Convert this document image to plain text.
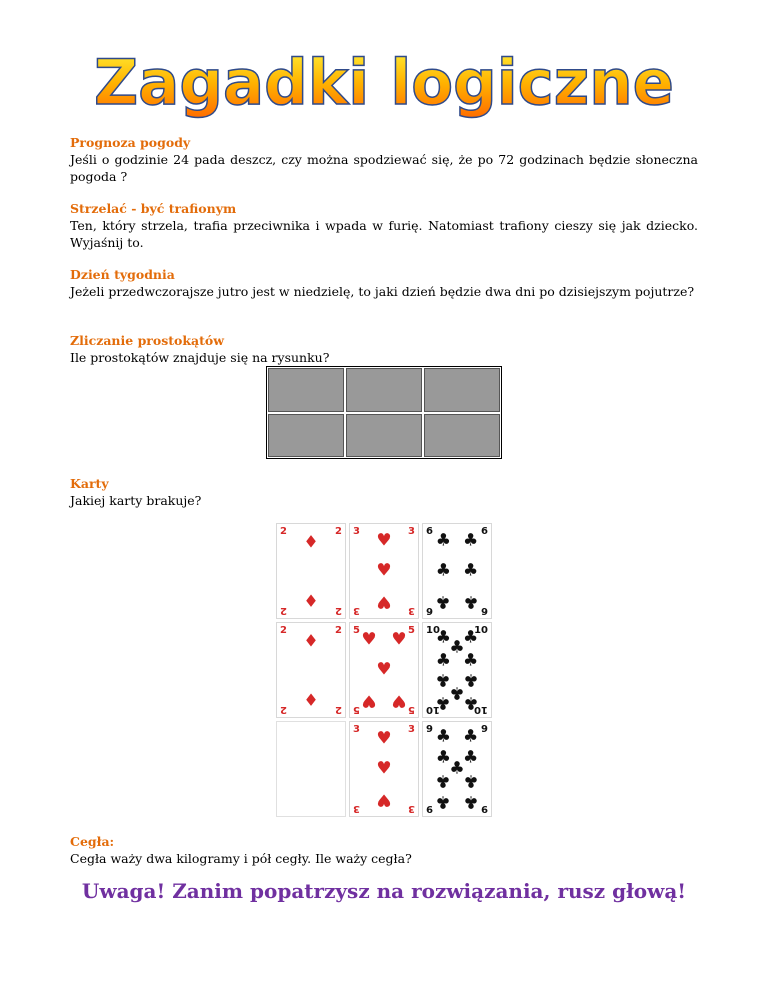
Zagadki logiczne
Prognoza pogody

Jeśli o godzinie 24 pada deszcz, czy można spodziewać się, że po 72 godzinach będzie słoneczna pogoda ?

Strzelać - być trafionym

Ten, który strzela, trafia przeciwnika i wpada w furię. Natomiast trafiony cieszy się jak dziecko. Wyjaśnij to.

Dzień tygodnia

Jeżeli przedwczorajsze jutro jest w niedzielę, to jaki dzień będzie dwa dni po dzisiejszym pojutrze?

Zliczanie prostokątów

Ile prostokątów znajduje się na rysunku?

Karty

Jakiej karty brakuje?

2	2
2	2
♦
♦
3	3
3	3
♥
♥
♥
6	6
6	6
♣ ♣
♣ ♣
♣ ♣
2	2
2	2
♦
♦
5	5
5	5
♥ ♥
♥
♥ ♥
10	10
10	10
♣ ♣
♣
♣ ♣
♣ ♣
♣
♣ ♣
3	3
3	3
♥
♥
♥
9	9
9	9
♣ ♣
♣ ♣
♣
♣ ♣
♣ ♣
Cegła:

Cegła waży dwa kilogramy i pół cegły. Ile waży cegła?

Uwaga! Zanim popatrzysz na rozwiązania, rusz głową!
